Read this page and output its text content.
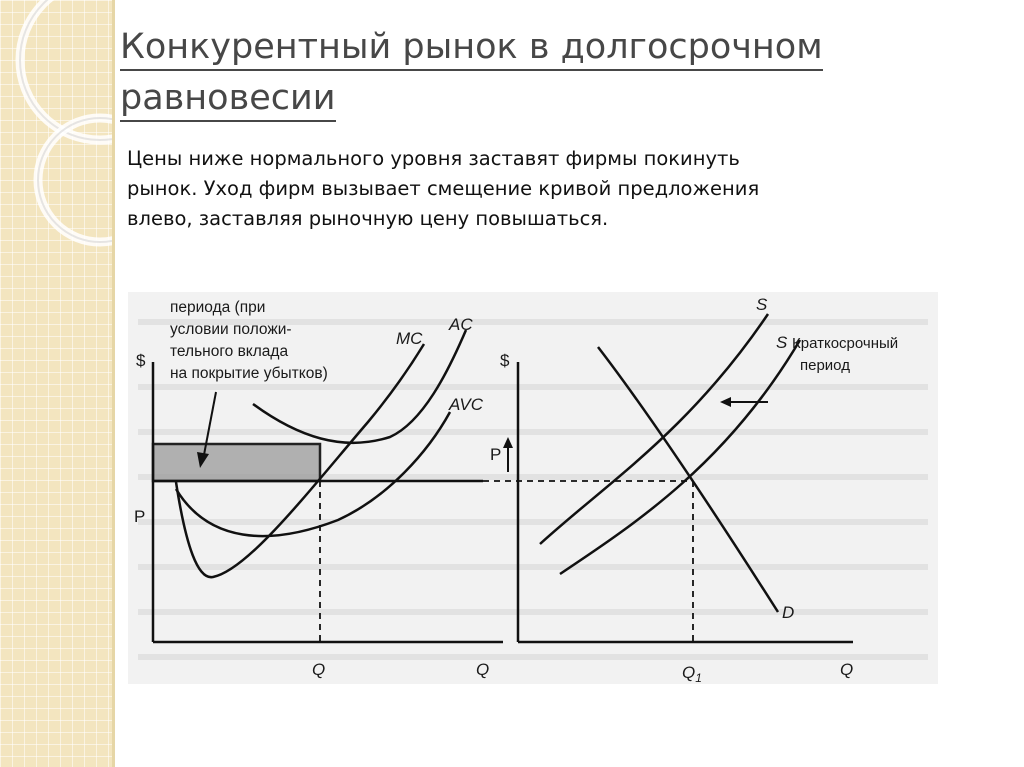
Конкурентный рынок в долгосрочном
равновесии
Цены ниже нормального уровня заставят фирмы покинуть
рынок. Уход фирм вызывает смещение кривой предложения
влево, заставляя рыночную цену повышаться.
периода (при
условии положи-
тельного вклада
на покрытие убытков)
$
P
Q	Q
MC
AC
AVC
$
P
$Q_1$	Q
S
S Краткосрочный
период
D
